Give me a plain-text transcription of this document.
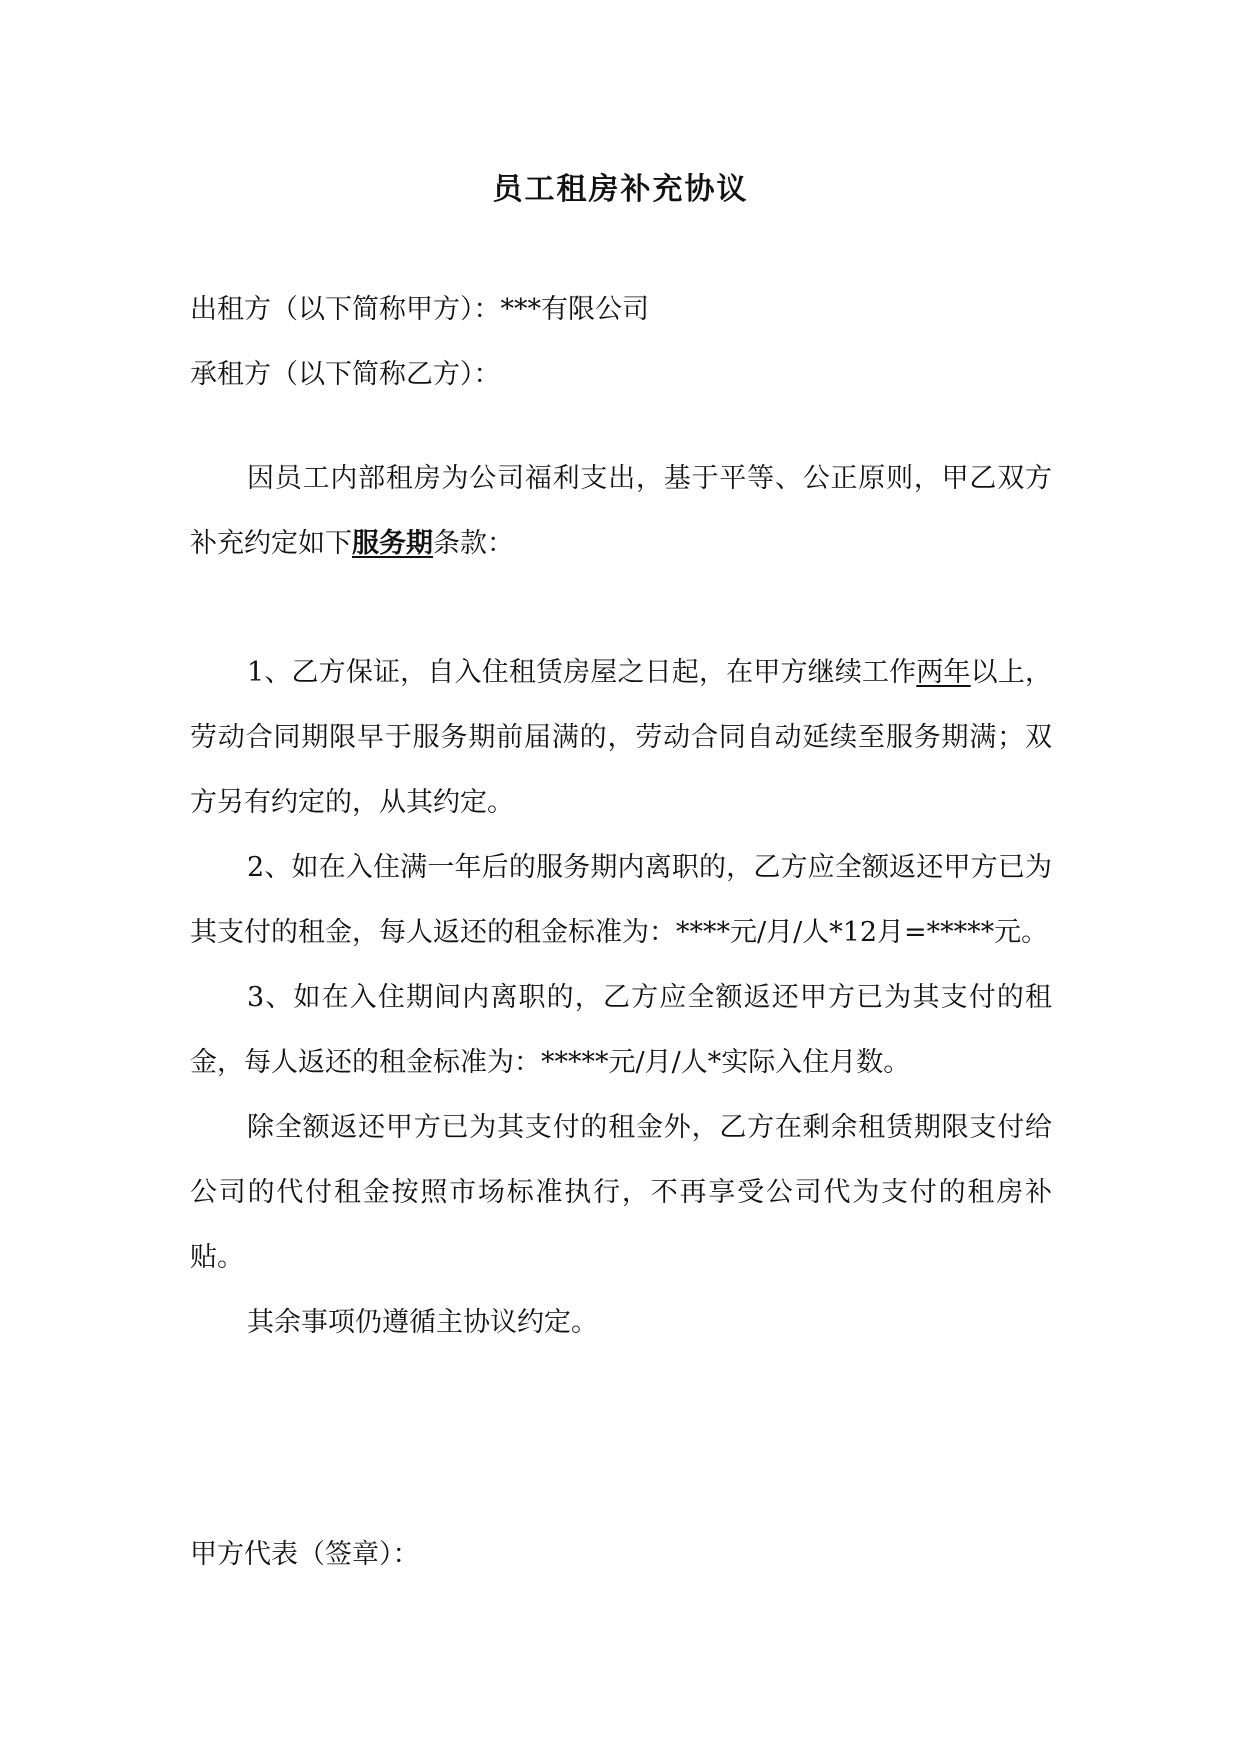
员工租房补充协议
出租方（以下简称甲方）：***有限公司
承租方（以下简称乙方）：

因员工内部租房为公司福利支出，基于平等、公正原则，甲乙双方补充约定如下服务期条款：

1、乙方保证，自入住租赁房屋之日起，在甲方继续工作两年以上，劳动合同期限早于服务期前届满的，劳动合同自动延续至服务期满；双方另有约定的，从其约定。

2、如在入住满一年后的服务期内离职的，乙方应全额返还甲方已为其支付的租金，每人返还的租金标准为：****元/月/人*12月=*****元。

3、如在入住期间内离职的，乙方应全额返还甲方已为其支付的租金，每人返还的租金标准为：*****元/月/人*实际入住月数。

除全额返还甲方已为其支付的租金外，乙方在剩余租赁期限支付给公司的代付租金按照市场标准执行，不再享受公司代为支付的租房补贴。

其余事项仍遵循主协议约定。

甲方代表（签章）：
